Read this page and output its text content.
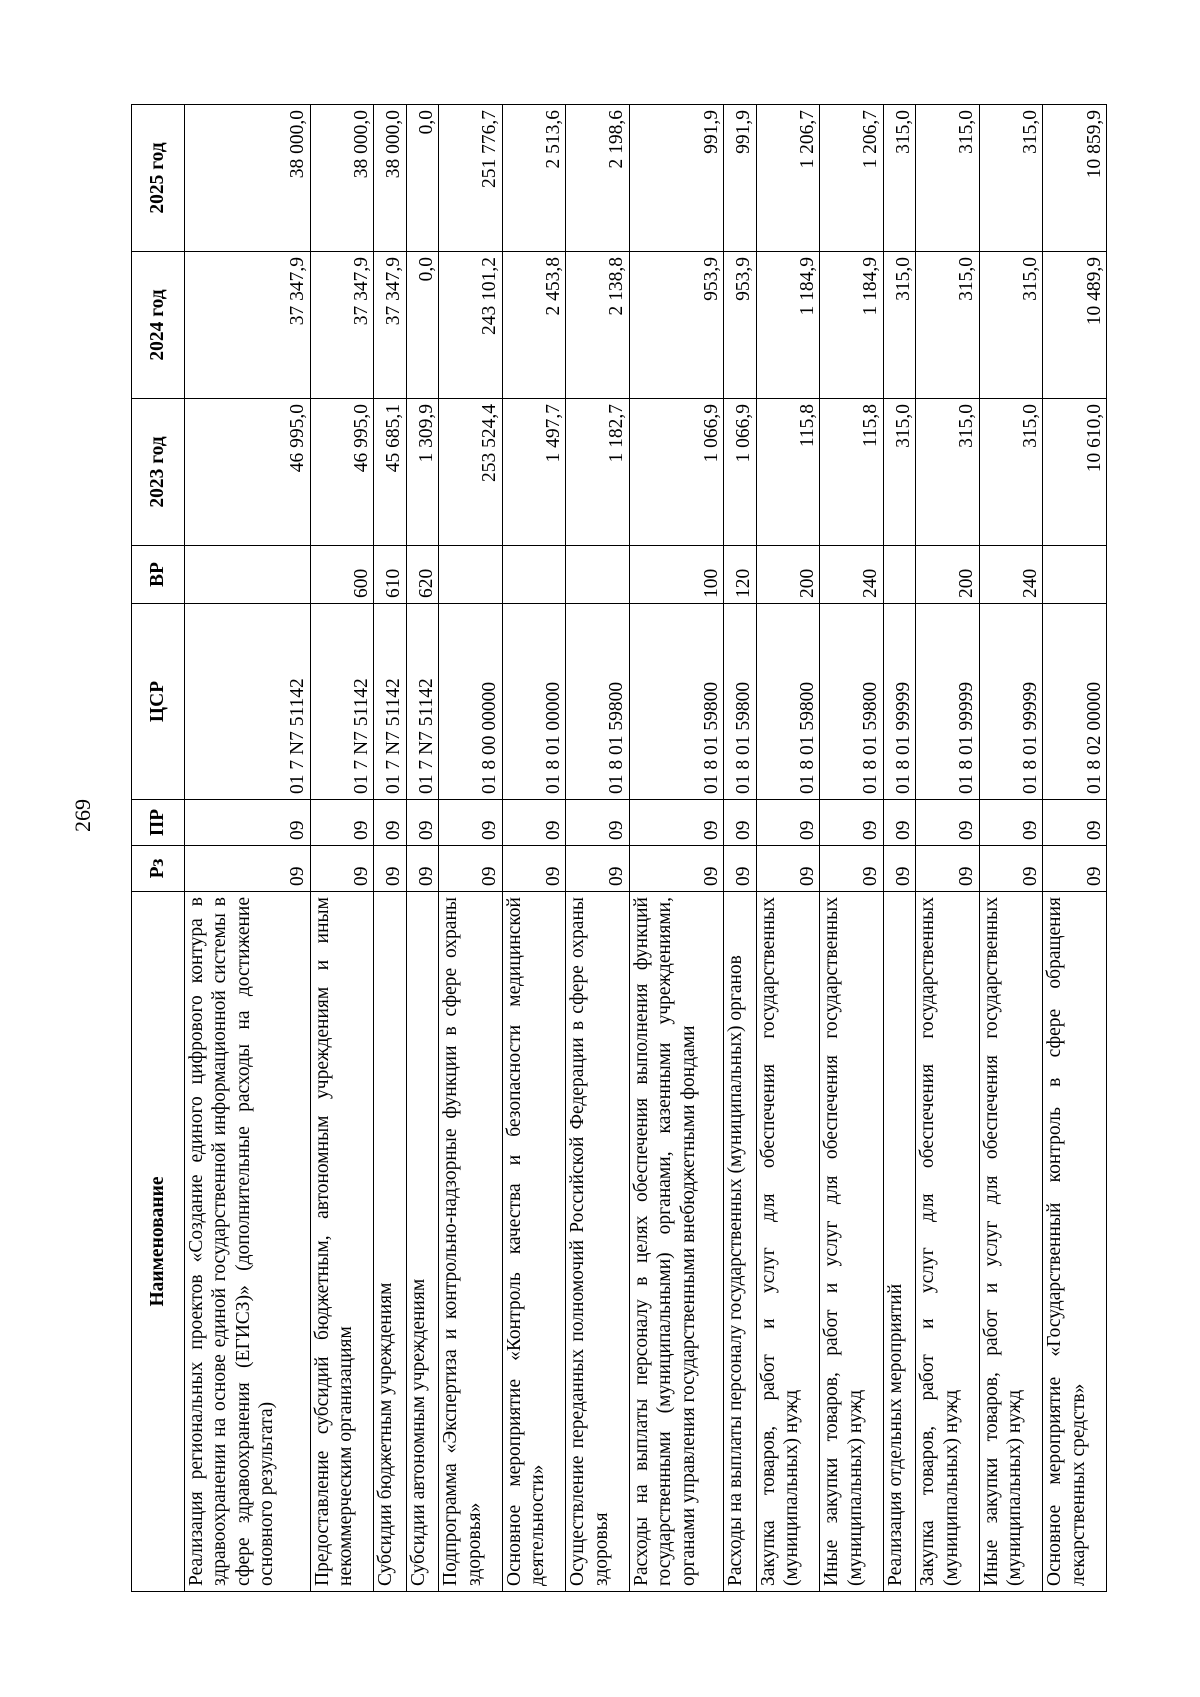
269
Наименование	Рз	ПР	ЦСР	ВР	2023 год	2024 год	2025 год
Реализация региональных проектов «Создание единого цифрового контура в здравоохранении на основе единой государственной информационной системы в сфере здравоохранения (ЕГИСЗ)» (дополнительные расходы на достижение основного результата)	09	09	01 7 N7 51142		46 995,0	37 347,9	38 000,0
Предоставление субсидий бюджетным, автономным учреждениям и иным некоммерческим организациям	09	09	01 7 N7 51142	600	46 995,0	37 347,9	38 000,0
Субсидии бюджетным учреждениям	09	09	01 7 N7 51142	610	45 685,1	37 347,9	38 000,0
Субсидии автономным учреждениям	09	09	01 7 N7 51142	620	1 309,9	0,0	0,0
Подпрограмма «Экспертиза и контрольно-надзорные функции в сфере охраны здоровья»	09	09	01 8 00 00000		253 524,4	243 101,2	251 776,7
Основное мероприятие «Контроль качества и безопасности медицинской деятельности»	09	09	01 8 01 00000		1 497,7	2 453,8	2 513,6
Осуществление переданных полномочий Российской Федерации в сфере охраны здоровья	09	09	01 8 01 59800		1 182,7	2 138,8	2 198,6
Расходы на выплаты персоналу в целях обеспечения выполнения функций государственными (муниципальными) органами, казенными учреждениями, органами управления государственными внебюджетными фондами	09	09	01 8 01 59800	100	1 066,9	953,9	991,9
Расходы на выплаты персоналу государственных (муниципальных) органов	09	09	01 8 01 59800	120	1 066,9	953,9	991,9
Закупка товаров, работ и услуг для обеспечения государственных (муниципальных) нужд	09	09	01 8 01 59800	200	115,8	1 184,9	1 206,7
Иные закупки товаров, работ и услуг для обеспечения государственных (муниципальных) нужд	09	09	01 8 01 59800	240	115,8	1 184,9	1 206,7
Реализация отдельных мероприятий	09	09	01 8 01 99999		315,0	315,0	315,0
Закупка товаров, работ и услуг для обеспечения государственных (муниципальных) нужд	09	09	01 8 01 99999	200	315,0	315,0	315,0
Иные закупки товаров, работ и услуг для обеспечения государственных (муниципальных) нужд	09	09	01 8 01 99999	240	315,0	315,0	315,0
Основное мероприятие «Государственный контроль в сфере обращения лекарственных средств»	09	09	01 8 02 00000		10 610,0	10 489,9	10 859,9
